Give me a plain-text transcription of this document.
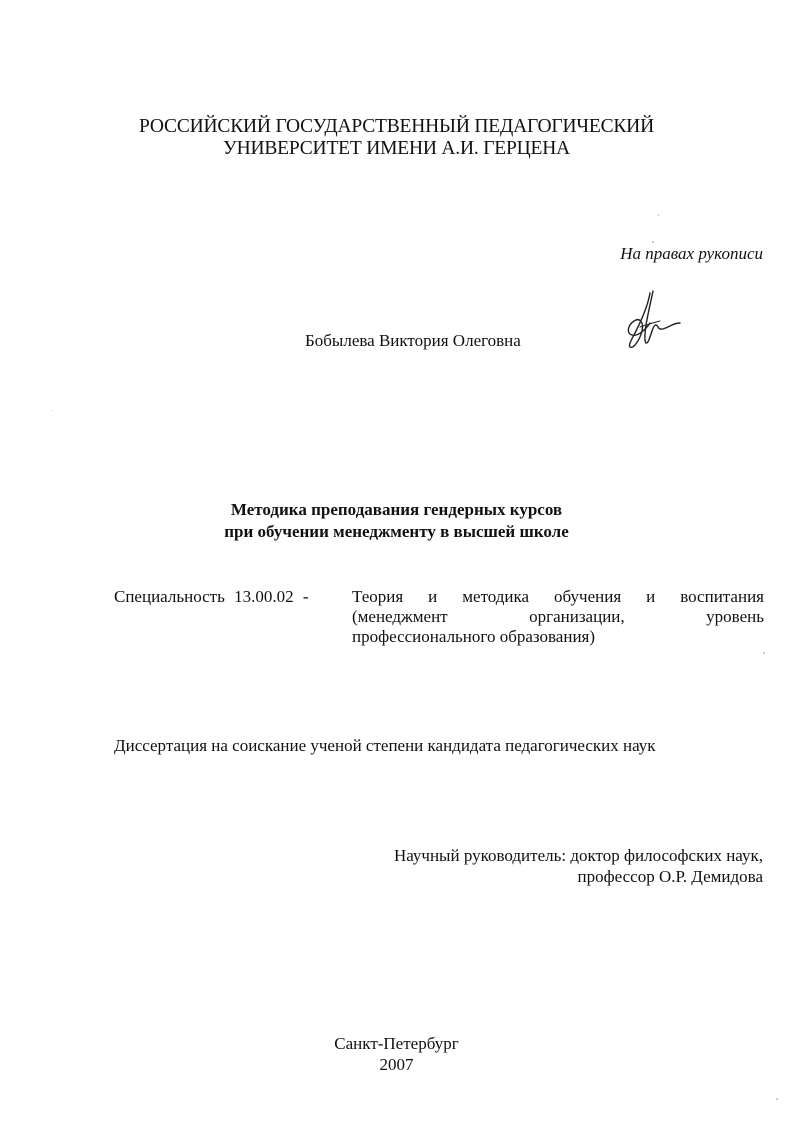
РОССИЙСКИЙ ГОСУДАРСТВЕННЫЙ ПЕДАГОГИЧЕСКИЙ
УНИВЕРСИТЕТ ИМЕНИ А.И. ГЕРЦЕНА
На правах рукописи
Бобылева Виктория Олеговна
Методика преподавания гендерных курсов
при обучении менеджменту в высшей школе
Специальность 13.00.02 -	Теория и методика обучения и воспитания
(менеджмент организации, уровень
профессионального образования)
Диссертация на соискание ученой степени кандидата педагогических наук
Научный руководитель: доктор философских наук,
профессор О.Р. Демидова
Санкт-Петербург
2007
